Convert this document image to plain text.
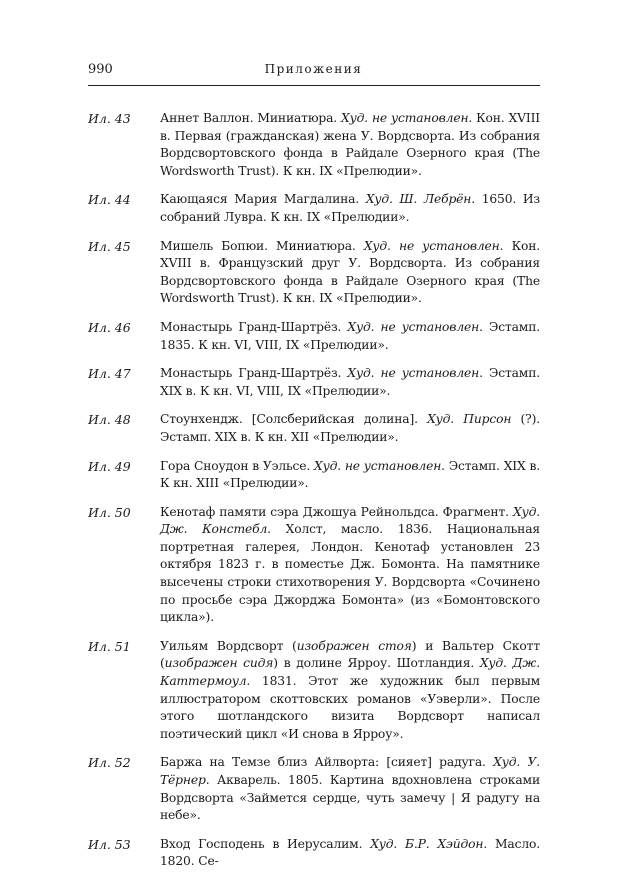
990	Приложения
Ил. 43	Аннет Валлон. Миниатюра. Худ. не установлен. Кон. XVIII в. Первая (гражданская) жена У. Вордсворта. Из собрания Вордсвортовского фонда в Райдале Озерного края (The Wordsworth Trust). К кн. IX «Прелюдии».
Ил. 44	Кающаяся Мария Магдалина. Худ. Ш. Лебрён. 1650. Из собраний Лувра. К кн. IX «Прелюдии».
Ил. 45	Мишель Бопюи. Миниатюра. Худ. не установлен. Кон. XVIII в. Французский друг У. Вордсворта. Из собрания Вордсвортовского фонда в Райдале Озерного края (The Wordsworth Trust). К кн. IX «Прелюдии».
Ил. 46	Монастырь Гранд-Шартрёз. Худ. не установлен. Эстамп. 1835. К кн. VI, VIII, IX «Прелюдии».
Ил. 47	Монастырь Гранд-Шартрёз. Худ. не установлен. Эстамп. XIX в. К кн. VI, VIII, IX «Прелюдии».
Ил. 48	Стоунхендж. [Солсберийская долина]. Худ. Пирсон (?). Эстамп. XIX в. К кн. XII «Прелюдии».
Ил. 49	Гора Сноудон в Уэльсе. Худ. не установлен. Эстамп. XIX в. К кн. XIII «Прелюдии».
Ил. 50	Кенотаф памяти сэра Джошуа Рейнольдса. Фрагмент. Худ. Дж. Констебл. Холст, масло. 1836. Национальная портретная галерея, Лондон. Кенотаф установлен 23 октября 1823 г. в поместье Дж. Бомонта. На памятнике высечены строки стихотворения У. Вордсворта «Сочинено по просьбе сэра Джорджа Бомонта» (из «Бомонтовского цикла»).
Ил. 51	Уильям Вордсворт (изображен стоя) и Вальтер Скотт (изображен сидя) в долине Ярроу. Шотландия. Худ. Дж. Каттермоул. 1831. Этот же художник был первым иллюстратором скоттовских романов «Уэверли». После этого шотландского визита Вордсворт написал поэтический цикл «И снова в Ярроу».
Ил. 52	Баржа на Темзе близ Айлворта: [сияет] радуга. Худ. У. Тёрнер. Акварель. 1805. Картина вдохновлена строками Вордсворта «Займется сердце, чуть замечу | Я радугу на небе».
Ил. 53	Вход Господень в Иерусалим. Худ. Б.Р. Хэйдон. Масло. 1820. Се-
